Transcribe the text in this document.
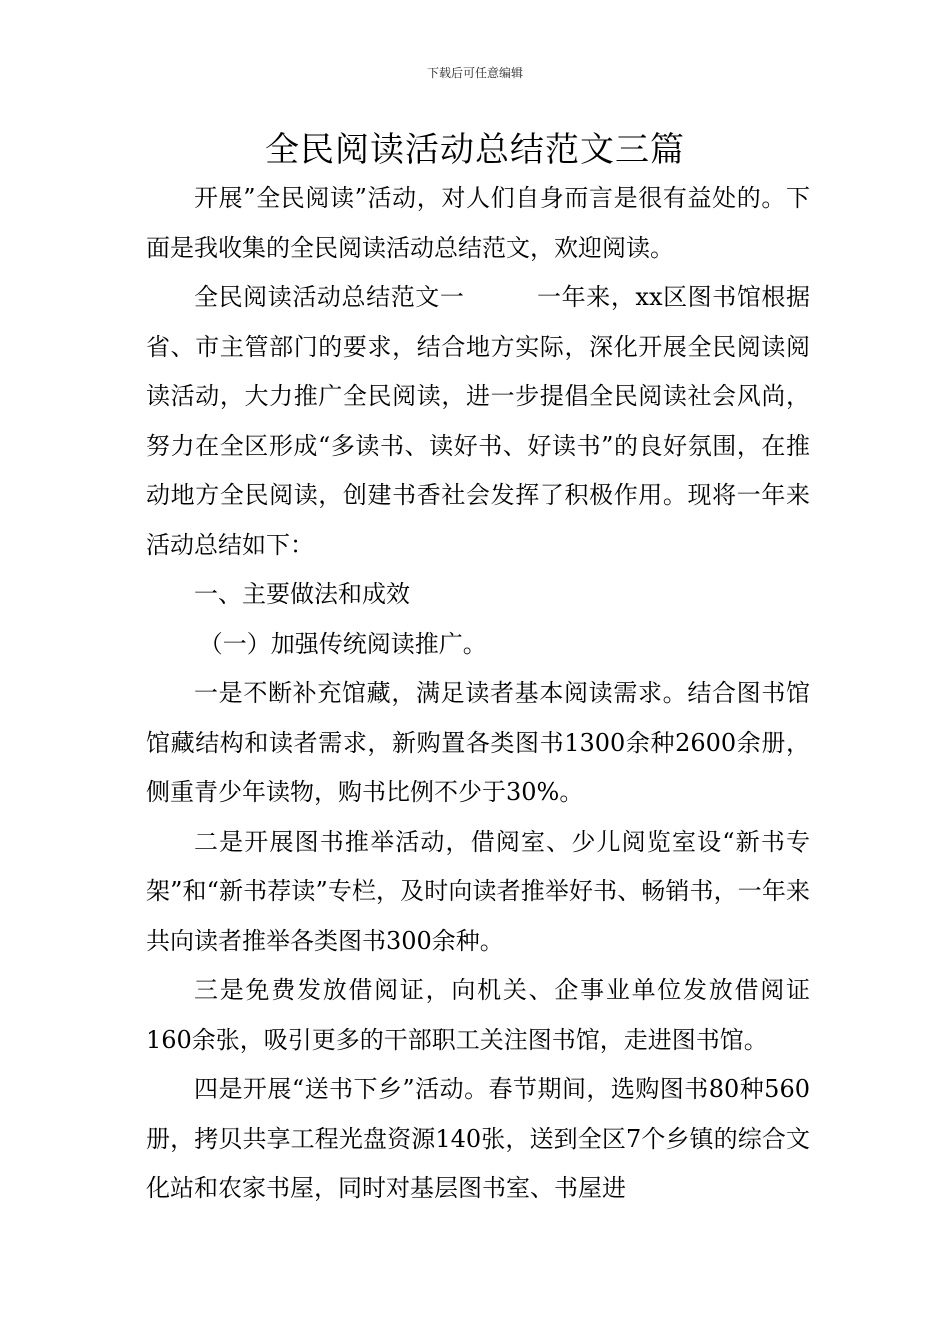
下载后可任意编辑
全民阅读活动总结范文三篇

开展”全民阅读”活动，对人们自身而言是很有益处的。下面是我收集的全民阅读活动总结范文，欢迎阅读。

全民阅读活动总结范文一	一年来，xx区图书馆根据省、市主管部门的要求，结合地方实际，深化开展全民阅读阅读活动，大力推广全民阅读，进一步提倡全民阅读社会风尚，努力在全区形成“多读书、读好书、好读书”的良好氛围，在推动地方全民阅读，创建书香社会发挥了积极作用。现将一年来活动总结如下：

一、主要做法和成效

（一）加强传统阅读推广。

一是不断补充馆藏，满足读者基本阅读需求。结合图书馆馆藏结构和读者需求，新购置各类图书1300余种2600余册，侧重青少年读物，购书比例不少于30%。

二是开展图书推举活动，借阅室、少儿阅览室设“新书专架”和“新书荐读”专栏，及时向读者推举好书、畅销书，一年来共向读者推举各类图书300余种。

三是免费发放借阅证，向机关、企事业单位发放借阅证160余张，吸引更多的干部职工关注图书馆，走进图书馆。

四是开展“送书下乡”活动。春节期间，选购图书80种560册，拷贝共享工程光盘资源140张，送到全区7个乡镇的综合文化站和农家书屋，同时对基层图书室、书屋进
